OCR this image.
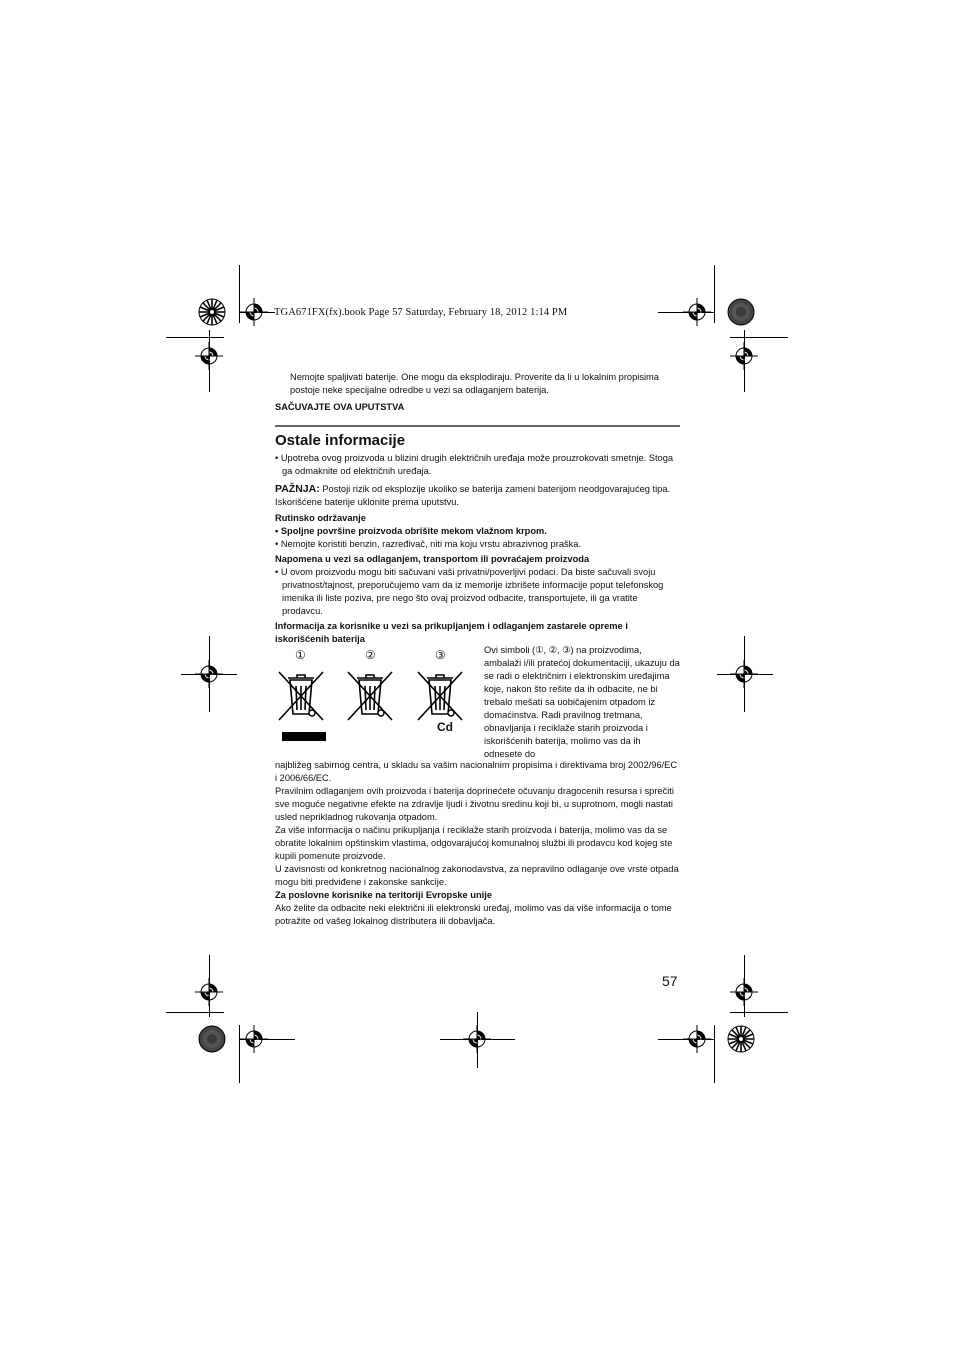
TGA671FX(fx).book Page 57 Saturday, February 18, 2012 1:14 PM

Nemojte spaljivati baterije. One mogu da eksplodiraju. Proverite da li u lokalnim propisima postoje neke specijalne odredbe u vezi sa odlaganjem baterija.

SAČUVAJTE OVA UPUTSTVA
Ostale informacije

• Upotreba ovog proizvoda u blizini drugih električnih uređaja može prouzrokovati smetnje. Stoga ga odmaknite od električnih uređaja.

PAŽNJA: Postoji rizik od eksplozije ukoliko se baterija zameni baterijom neodgovarajućeg tipa. Iskorišćene baterije uklonite prema uputstvu.

Rutinsko održavanje

• Spoljne površine proizvoda obrišite mekom vlažnom krpom.

• Nemojte koristiti benzin, razređivač, niti ma koju vrstu abrazivnog praška.

Napomena u vezi sa odlaganjem, transportom ili povraćajem proizvoda

• U ovom proizvodu mogu biti sačuvani vaši privatni/poverljivi podaci. Da biste sačuvali svoju privatnost/tajnost, preporučujemo vam da iz memorije izbrišete informacije poput telefonskog imenika ili liste poziva, pre nego što ovaj proizvod odbacite, transportujete, ili ga vratite prodavcu.

Informacija za korisnike u vezi sa prikupljanjem i odlaganjem zastarele opreme i iskorišćenih baterija

①	②	③
Cd

Ovi simboli (①, ②, ③) na proizvodima, ambalaži i/ili pratećoj dokumentaciji, ukazuju da se radi o električnim i elektronskim uređajima koje, nakon što rešite da ih odbacite, ne bi trebalo mešati sa uobičajenim otpadom iz domaćinstva. Radi pravilnog tretmana, obnavljanja i reciklaže starih proizvoda i iskorišćenih baterija, molimo vas da ih odnesete do

najbližeg sabirnog centra, u skladu sa vašim nacionalnim propisima i direktivama broj 2002/96/EC i 2006/66/EC.

Pravilnim odlaganjem ovih proizvoda i baterija doprinećete očuvanju dragocenih resursa i sprečiti sve moguće negativne efekte na zdravlje ljudi i životnu sredinu koji bi, u suprotnom, mogli nastati usled neprikladnog rukovanja otpadom.

Za više informacija o načinu prikupljanja i reciklaže starih proizvoda i baterija, molimo vas da se obratite lokalnim opštinskim vlastima, odgovarajućoj komunalnoj službi ili prodavcu kod kojeg ste kupili pomenute proizvode.

U zavisnosti od konkretnog nacionalnog zakonodavstva, za nepravilno odlaganje ove vrste otpada mogu biti predviđene i zakonske sankcije.

Za poslovne korisnike na teritoriji Evropske unije

Ako želite da odbacite neki električni ili elektronski uređaj, molimo vas da više informacija o tome potražite od vašeg lokalnog distributera ili dobavljača.

57
